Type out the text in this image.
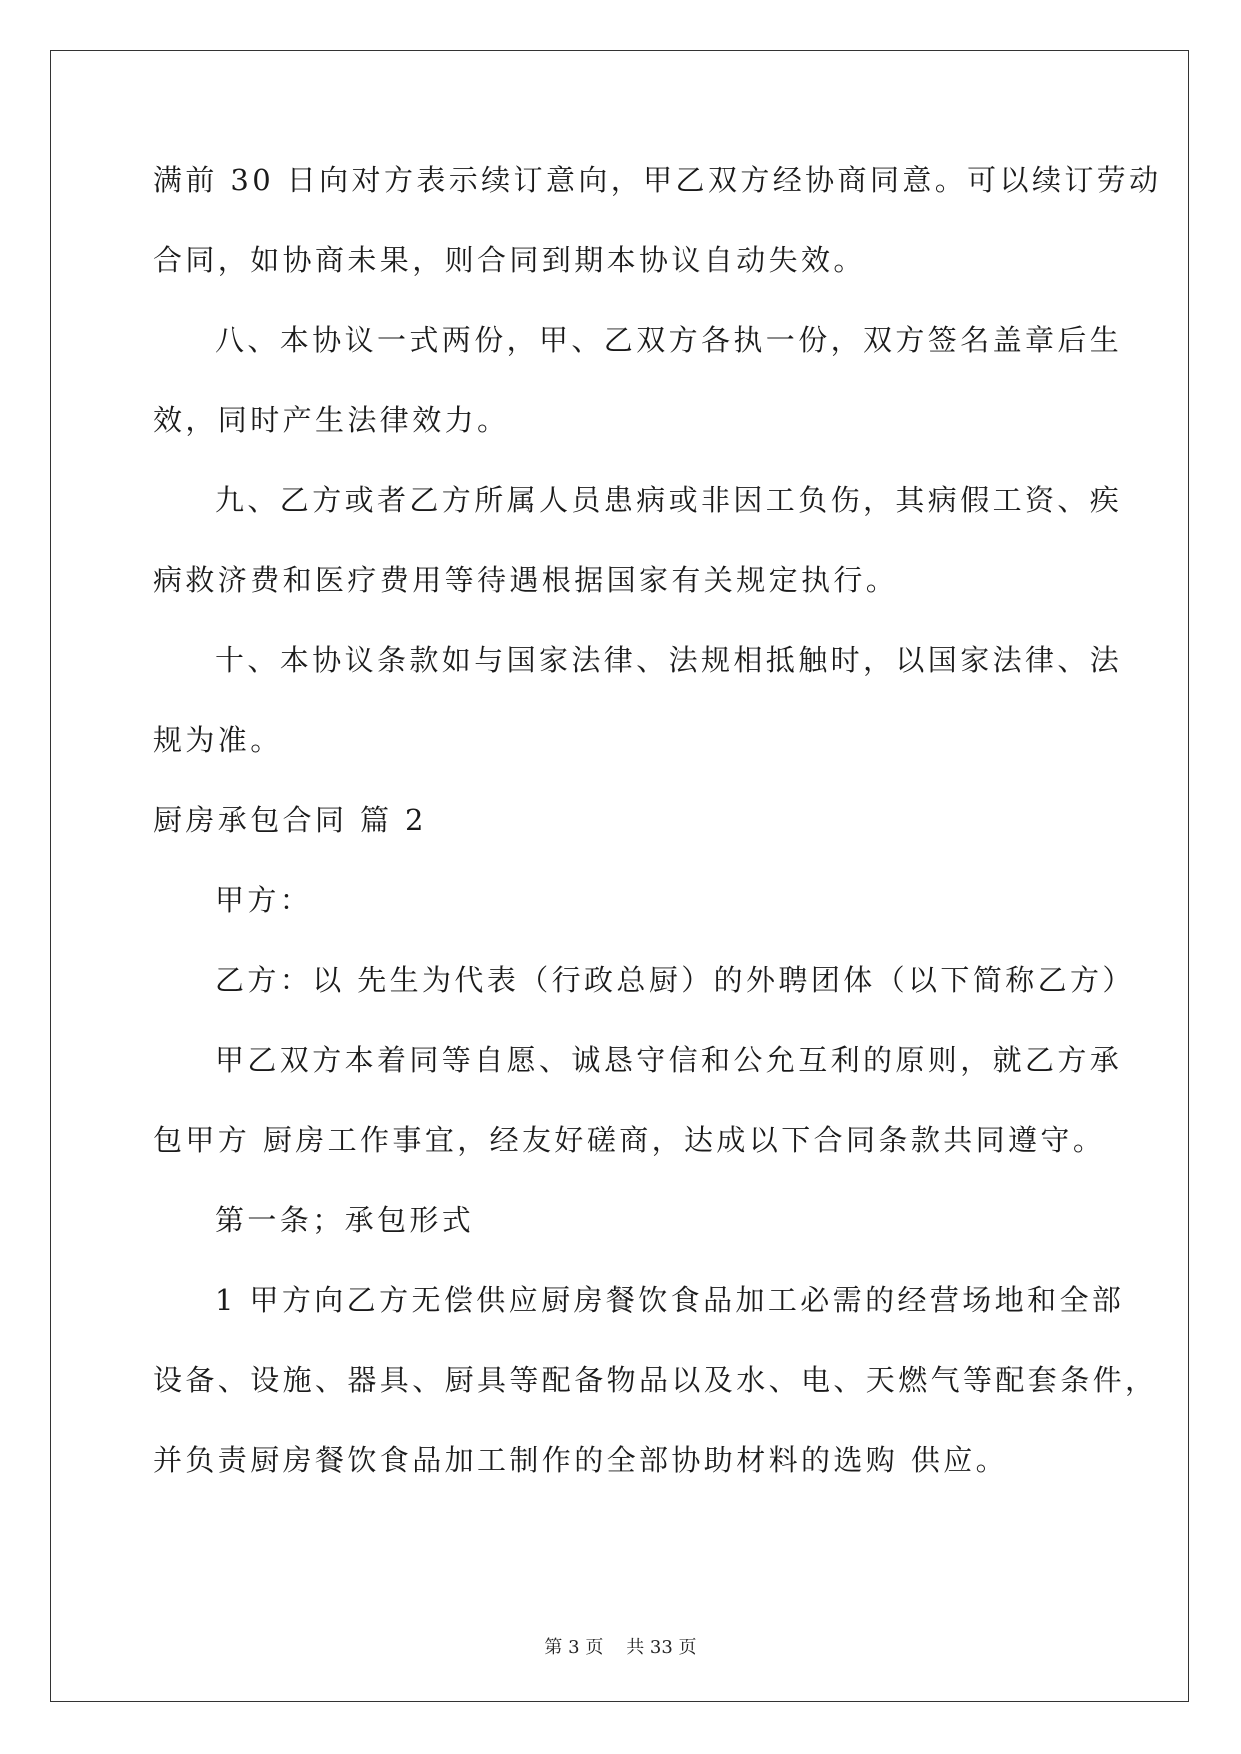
满前 30 日向对方表示续订意向，甲乙双方经协商同意。可以续订劳动
合同，如协商未果，则合同到期本协议自动失效。
八、本协议一式两份，甲、乙双方各执一份，双方签名盖章后生
效，同时产生法律效力。
九、乙方或者乙方所属人员患病或非因工负伤，其病假工资、疾
病救济费和医疗费用等待遇根据国家有关规定执行。
十、本协议条款如与国家法律、法规相抵触时，以国家法律、法
规为准。
厨房承包合同 篇 2
甲方：
乙方：以 先生为代表（行政总厨）的外聘团体（以下简称乙方）
甲乙双方本着同等自愿、诚恳守信和公允互利的原则，就乙方承
包甲方 厨房工作事宜，经友好磋商，达成以下合同条款共同遵守。
第一条；承包形式
1 甲方向乙方无偿供应厨房餐饮食品加工必需的经营场地和全部
设备、设施、器具、厨具等配备物品以及水、电、天燃气等配套条件，
并负责厨房餐饮食品加工制作的全部协助材料的选购 供应。
第 3 页    共 33 页
